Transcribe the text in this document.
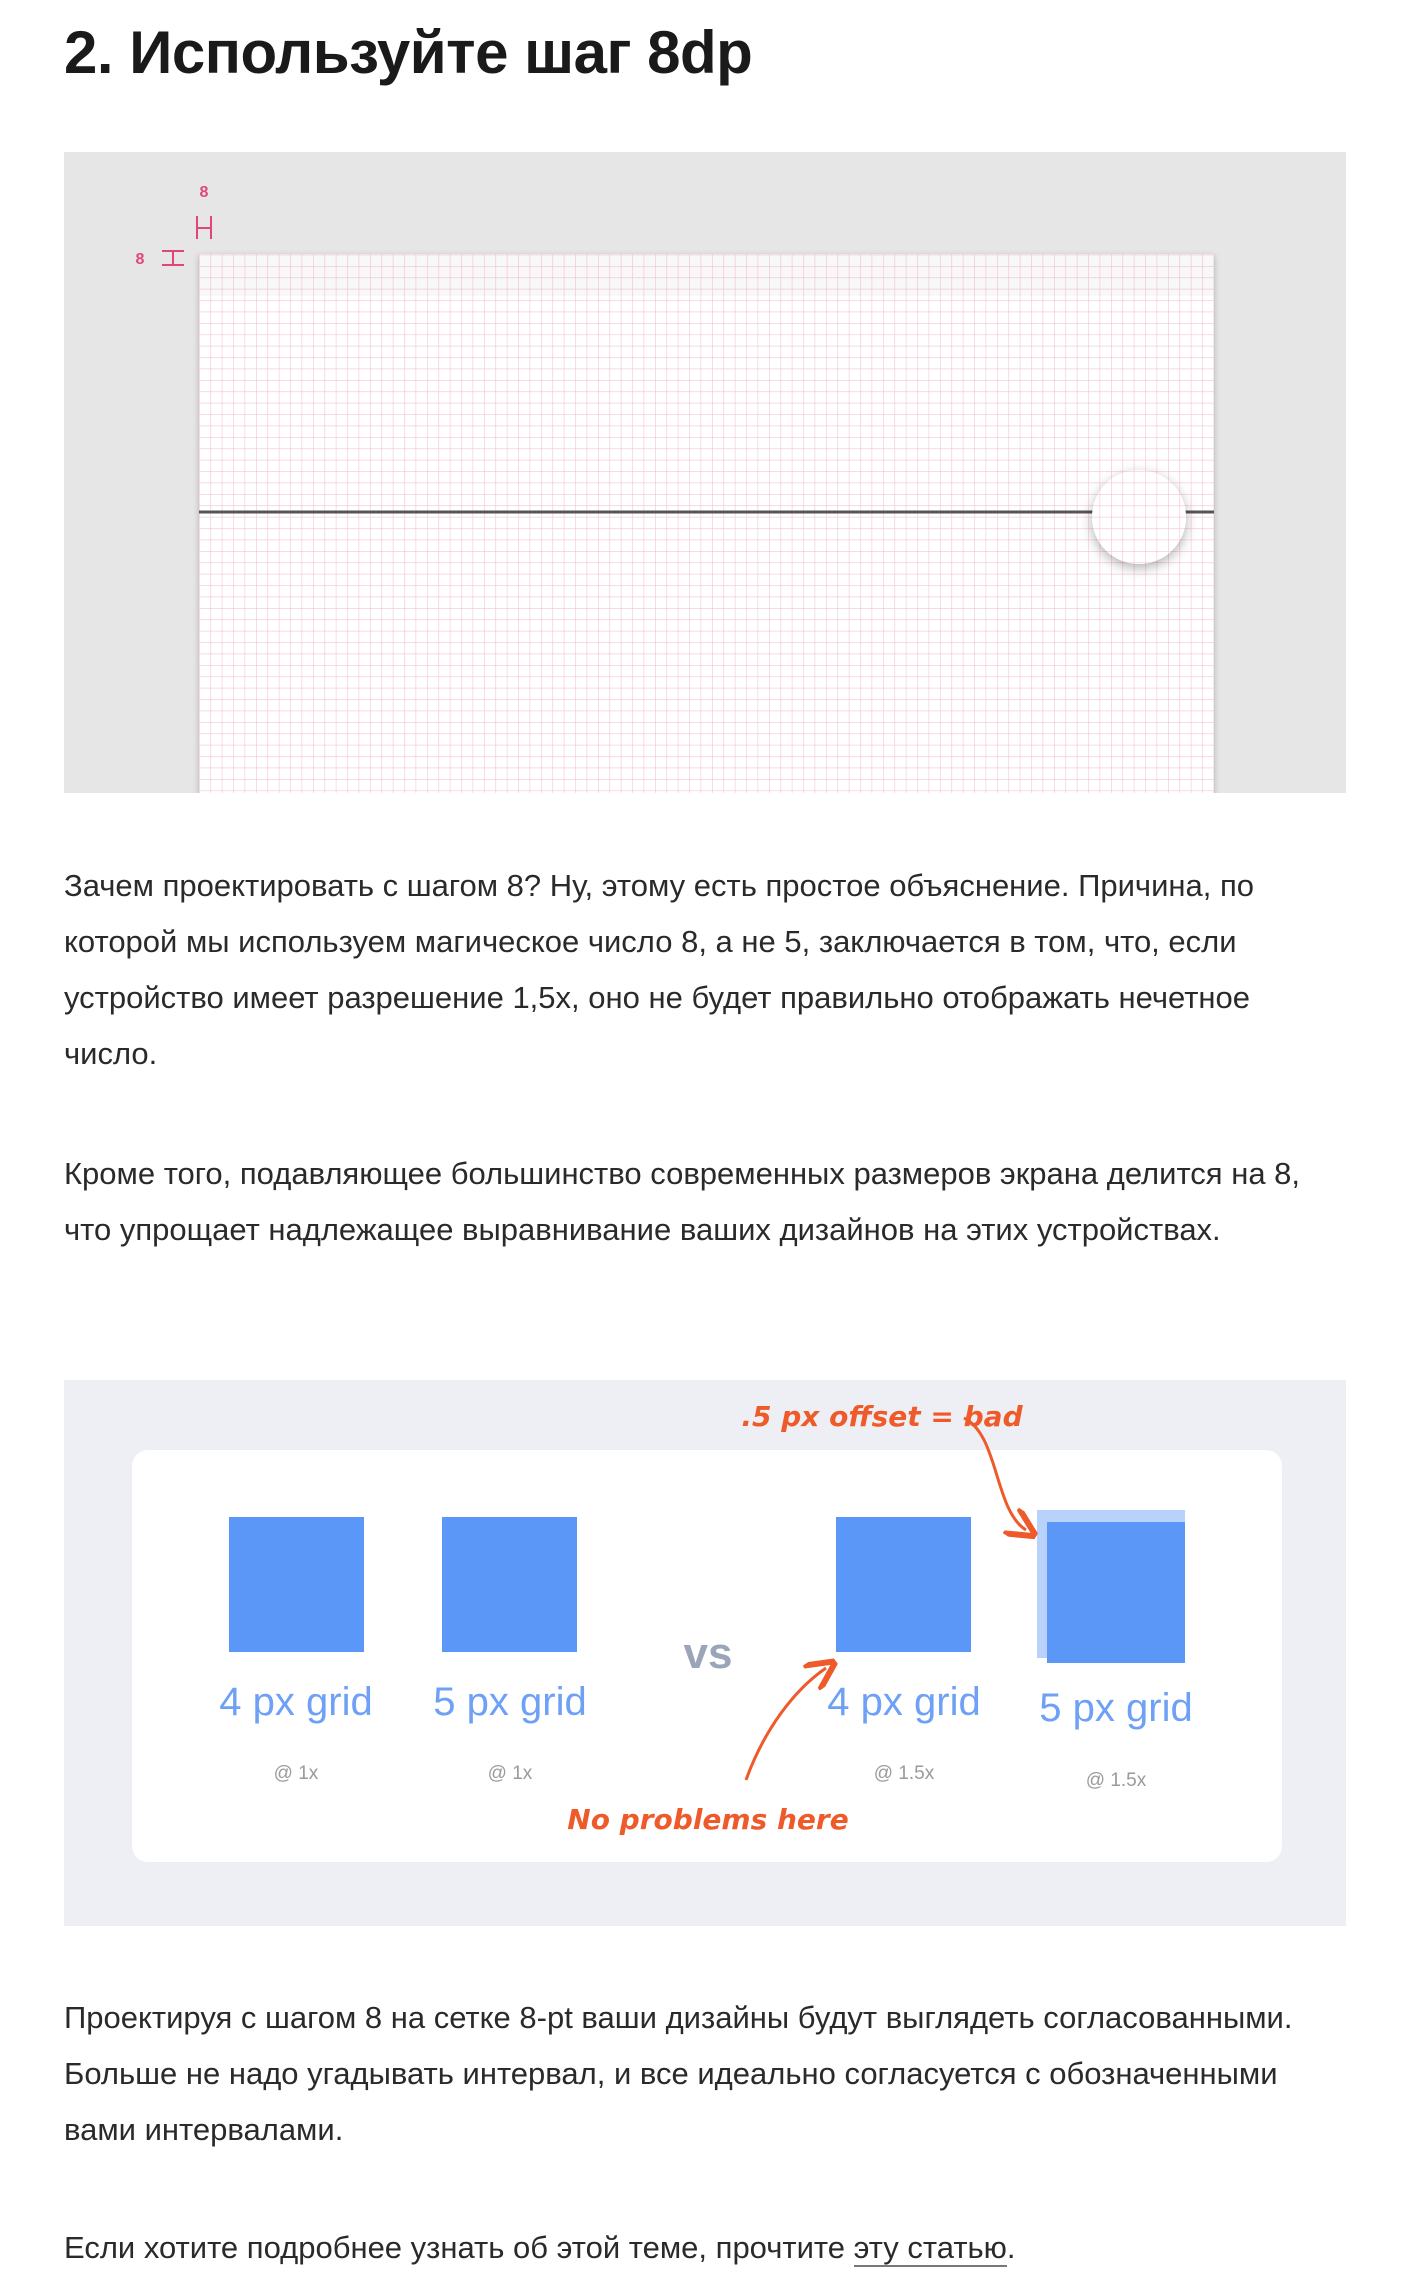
2. Используйте шаг 8dp
8
8

Зачем проектировать с шагом 8? Ну, этому есть простое объяснение. Причина, по которой мы используем магическое число 8, а не 5, заключается в том, что, если устройство имеет разрешение 1,5x, оно не будет правильно отображать нечетное число.

Кроме того, подавляющее большинство современных размеров экрана делится на 8, что упрощает надлежащее выравнивание ваших дизайнов на этих устройствах.

4 px grid 5 px grid	4 px grid 5 px grid
@ 1x	@ 1x	@ 1.5x	@ 1.5x
vs
.5 px offset = bad
No problems here

Проектируя с шагом 8 на сетке 8-pt ваши дизайны будут выглядеть согласованными. Больше не надо угадывать интервал, и все идеально согласуется с обозначенными вами интервалами.

Если хотите подробнее узнать об этой теме, прочтите эту статью.
